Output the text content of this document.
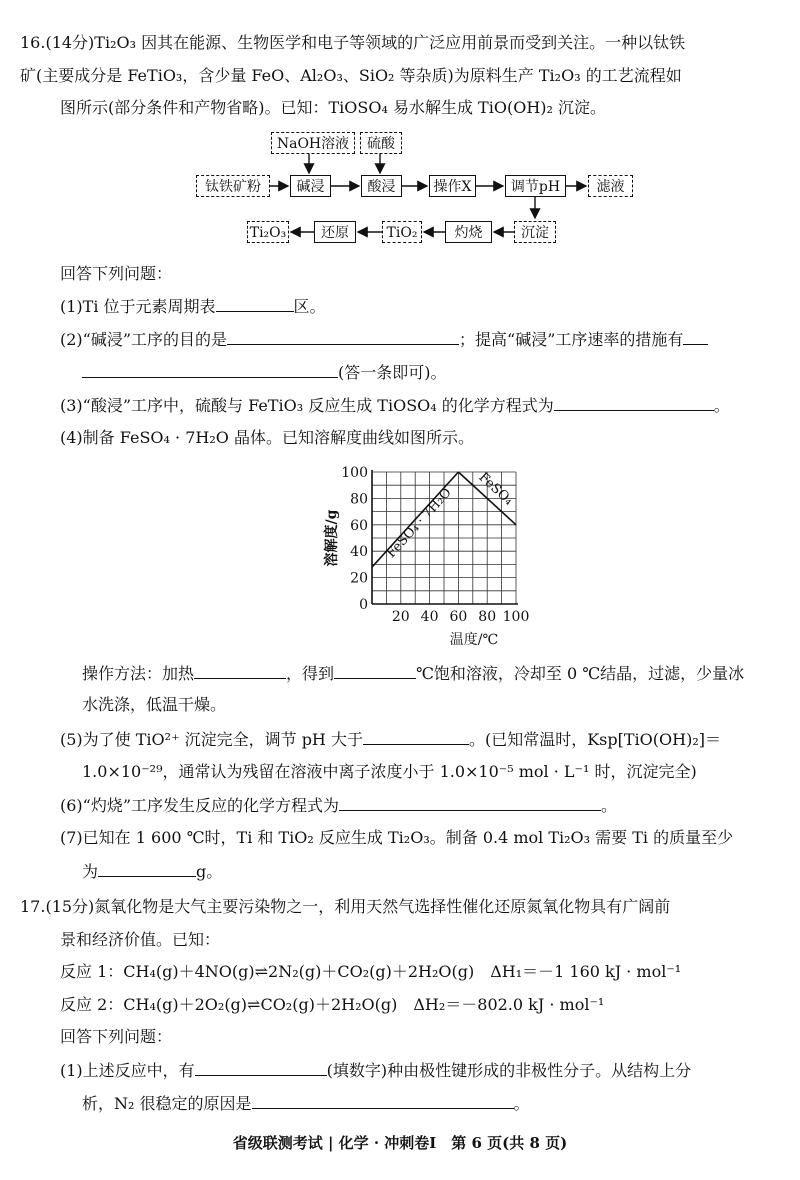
16.(14分)Ti₂O₃ 因其在能源、生物医学和电子等领域的广泛应用前景而受到关注。一种以钛铁
矿(主要成分是 FeTiO₃，含少量 FeO、Al₂O₃、SiO₂ 等杂质)为原料生产 Ti₂O₃ 的工艺流程如
图所示(部分条件和产物省略)。已知：TiOSO₄ 易水解生成 TiO(OH)₂ 沉淀。
NaOH溶液	硫酸
钛铁矿粉	碱浸	酸浸	操作X	调节pH	滤液
沉淀
灼烧
TiO₂
还原
Ti₂O₃
回答下列问题：
(1)Ti 位于元素周期表	区。
(2)“碱浸”工序的目的是	；提高“碱浸”工序速率的措施有
(答一条即可)。
(3)“酸浸”工序中，硫酸与 FeTiO₃ 反应生成 TiOSO₄ 的化学方程式为	。
(4)制备 FeSO₄ · 7H₂O 晶体。已知溶解度曲线如图所示。
0
20
40
60
80
100
20 40 60 80 100
FeSO₄ · 7H₂O FeSO₄
溶解度/g
温度/℃
操作方法：加热	，得到	℃饱和溶液，冷却至 0 ℃结晶，过滤，少量冰
水洗涤，低温干燥。
(5)为了使 TiO²⁺ 沉淀完全，调节 pH 大于	。(已知常温时，Ksp[TiO(OH)₂]＝
1.0×10⁻²⁹，通常认为残留在溶液中离子浓度小于 1.0×10⁻⁵ mol · L⁻¹ 时，沉淀完全)
(6)“灼烧”工序发生反应的化学方程式为	。
(7)已知在 1 600 ℃时，Ti 和 TiO₂ 反应生成 Ti₂O₃。制备 0.4 mol Ti₂O₃ 需要 Ti 的质量至少
为	g。
17.(15分)氮氧化物是大气主要污染物之一，利用天然气选择性催化还原氮氧化物具有广阔前
景和经济价值。已知：
反应 1：CH₄(g)＋4NO(g)⇌2N₂(g)＋CO₂(g)＋2H₂O(g)　ΔH₁＝－1 160 kJ · mol⁻¹
反应 2：CH₄(g)＋2O₂(g)⇌CO₂(g)＋2H₂O(g)　ΔH₂＝－802.0 kJ · mol⁻¹
回答下列问题：
(1)上述反应中，有	(填数字)种由极性键形成的非极性分子。从结构上分
析，N₂ 很稳定的原因是	。
省级联测考试 | 化学 · 冲刺卷Ⅰ　第 6 页(共 8 页)
